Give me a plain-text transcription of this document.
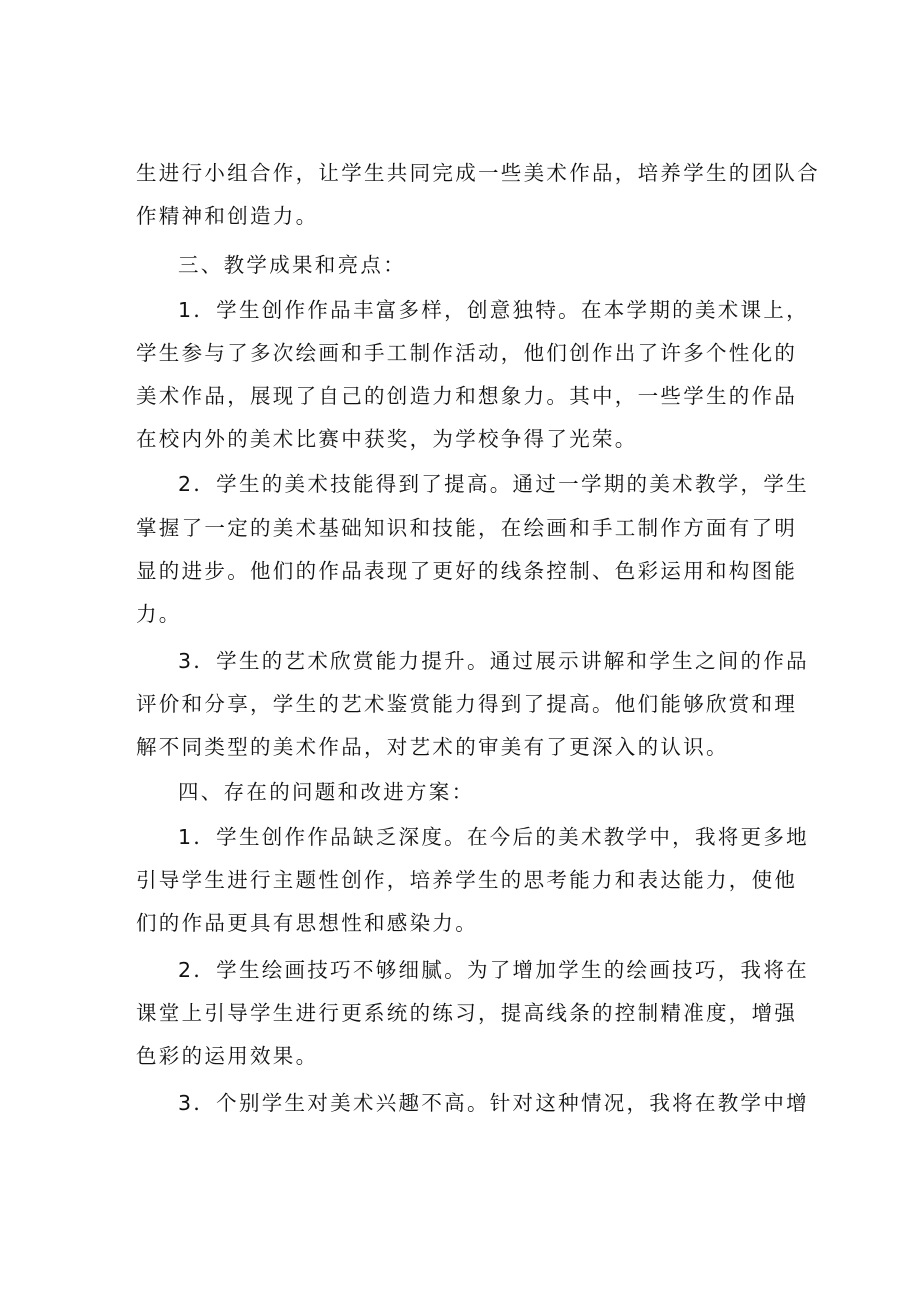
生进行小组合作，让学生共同完成一些美术作品，培养学生的团队合
作精神和创造力。
三、教学成果和亮点：
1．学生创作作品丰富多样，创意独特。在本学期的美术课上，
学生参与了多次绘画和手工制作活动，他们创作出了许多个性化的
美术作品，展现了自己的创造力和想象力。其中，一些学生的作品
在校内外的美术比赛中获奖，为学校争得了光荣。
2．学生的美术技能得到了提高。通过一学期的美术教学，学生
掌握了一定的美术基础知识和技能，在绘画和手工制作方面有了明
显的进步。他们的作品表现了更好的线条控制、色彩运用和构图能
力。
3．学生的艺术欣赏能力提升。通过展示讲解和学生之间的作品
评价和分享，学生的艺术鉴赏能力得到了提高。他们能够欣赏和理
解不同类型的美术作品，对艺术的审美有了更深入的认识。
四、存在的问题和改进方案：
1．学生创作作品缺乏深度。在今后的美术教学中，我将更多地
引导学生进行主题性创作，培养学生的思考能力和表达能力，使他
们的作品更具有思想性和感染力。
2．学生绘画技巧不够细腻。为了增加学生的绘画技巧，我将在
课堂上引导学生进行更系统的练习，提高线条的控制精准度，增强
色彩的运用效果。
3．个别学生对美术兴趣不高。针对这种情况，我将在教学中增
